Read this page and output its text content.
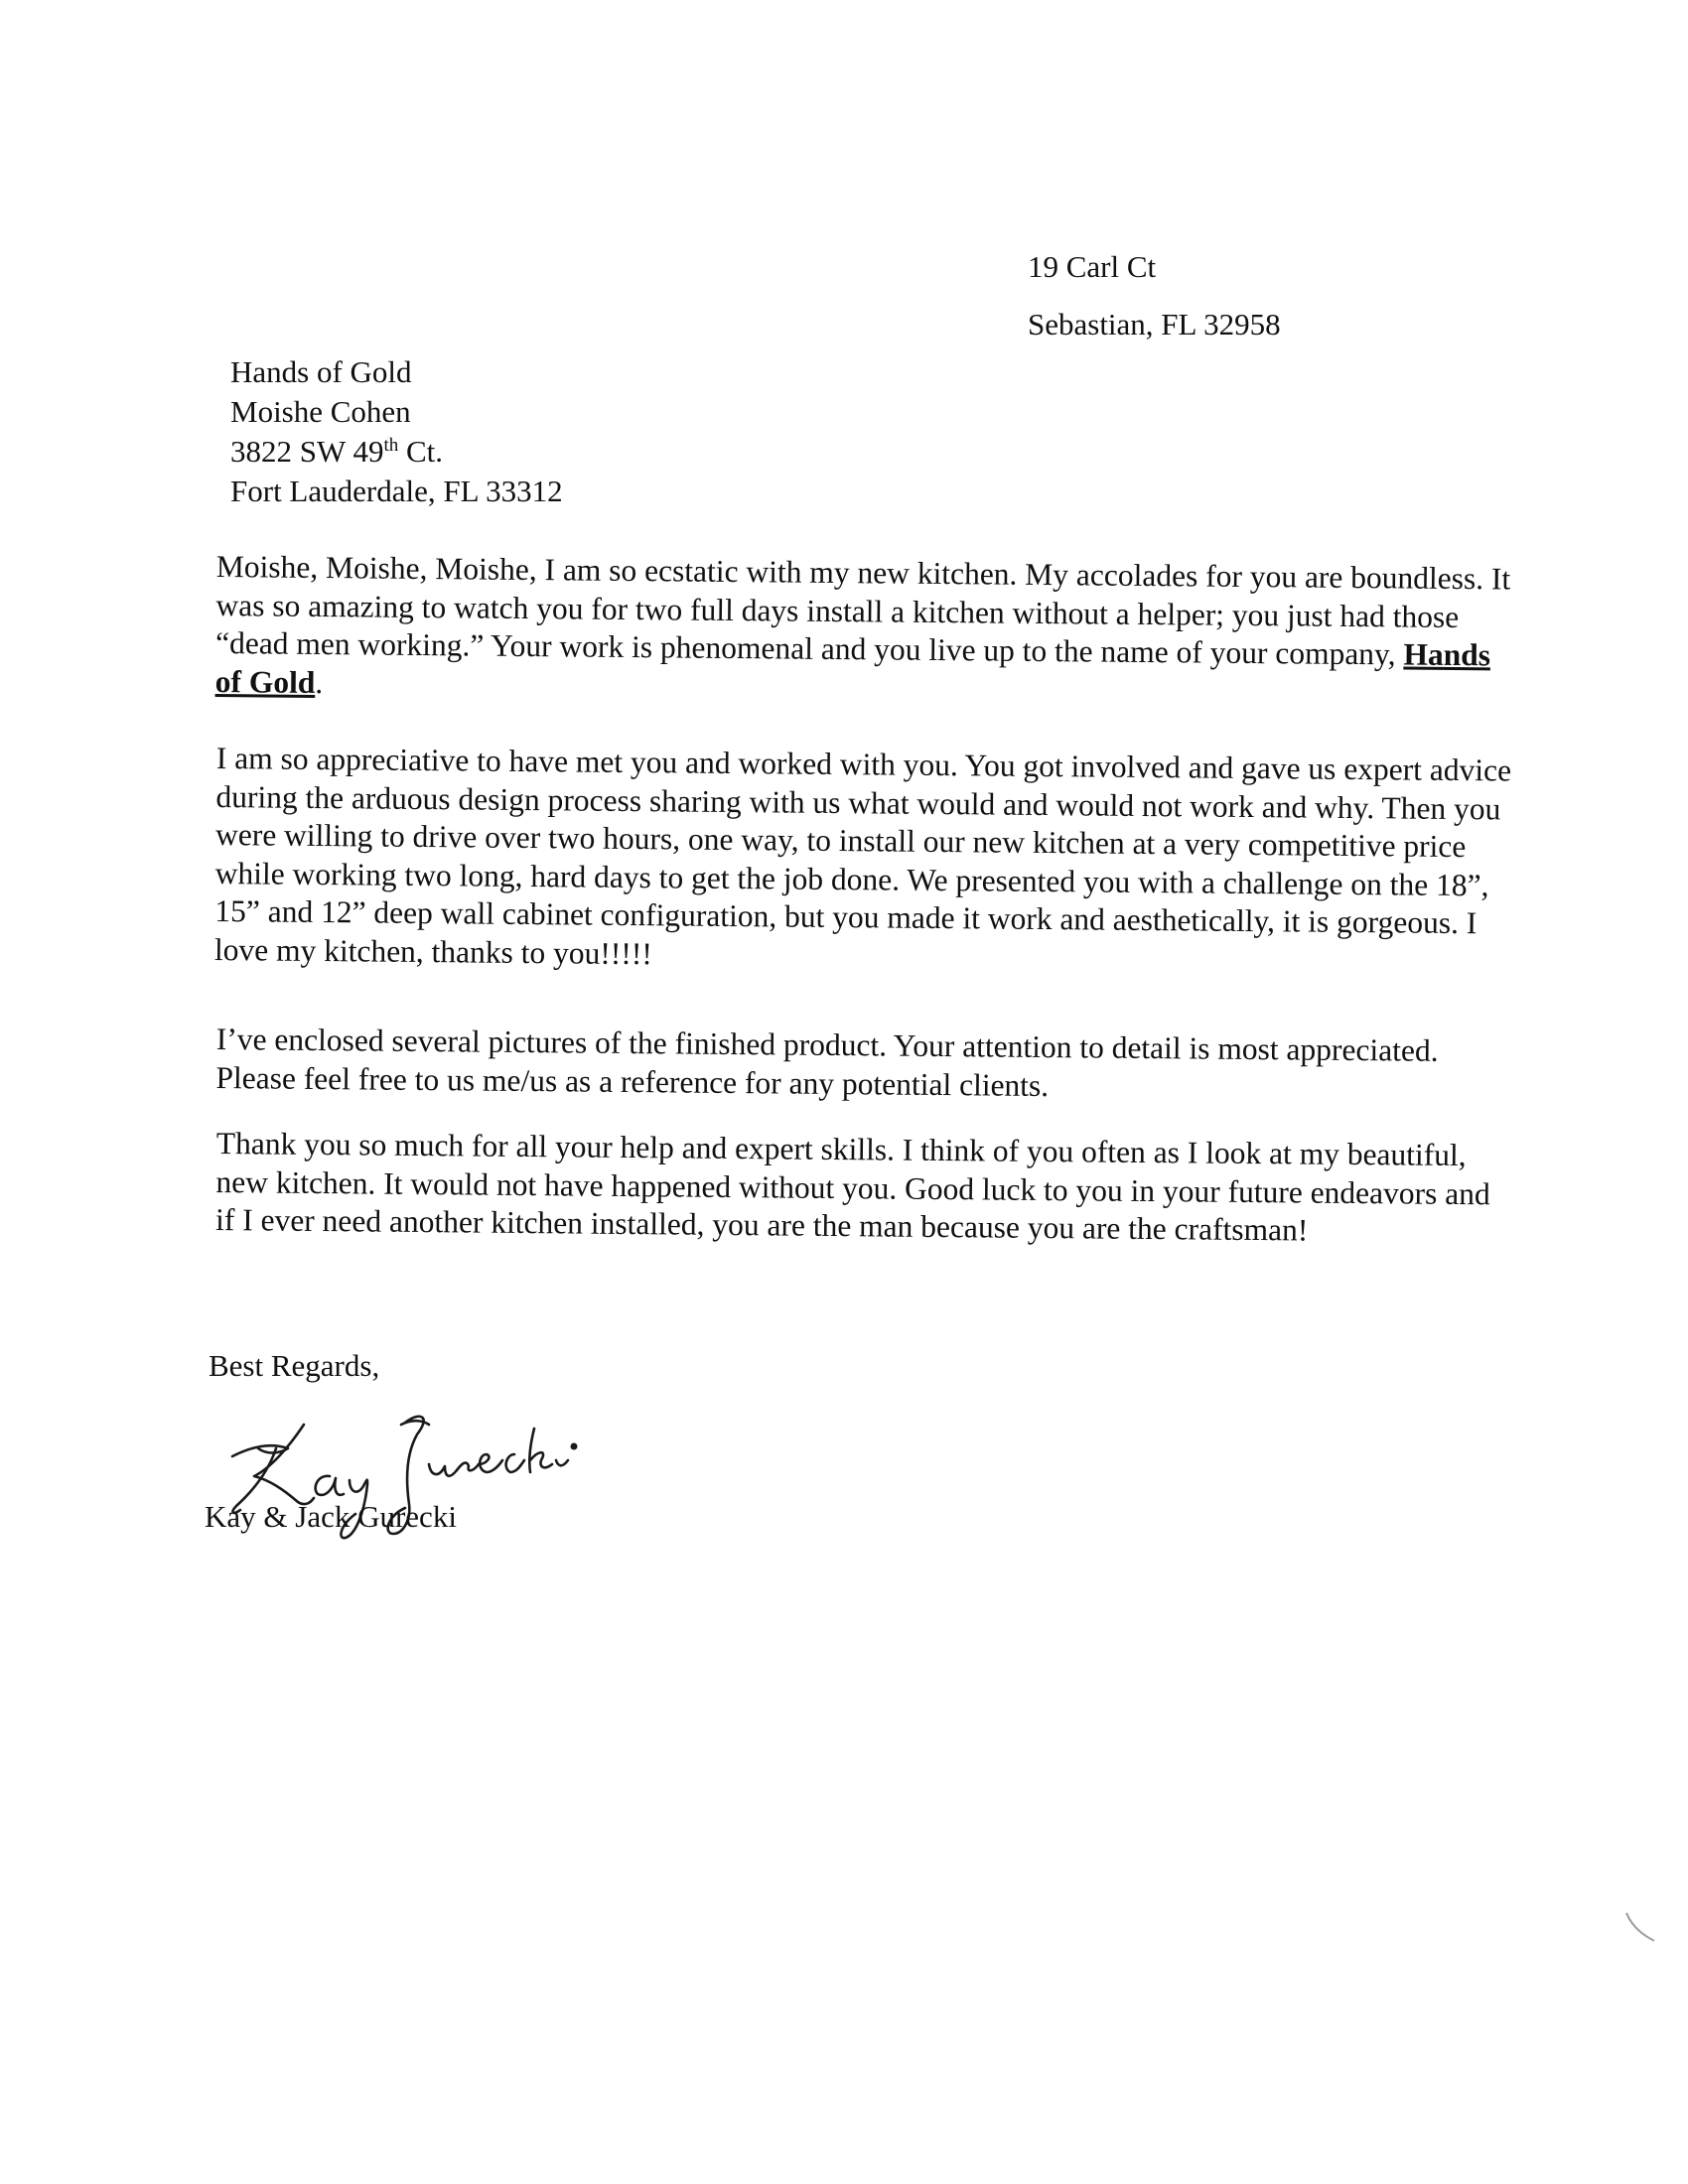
19 Carl Ct
Sebastian, FL 32958
Hands of Gold
Moishe Cohen
3822 SW 49th Ct.
Fort Lauderdale, FL 33312
Moishe, Moishe, Moishe, I am so ecstatic with my new kitchen. My accolades for you are boundless. It was so amazing to watch you for two full days install a kitchen without a helper; you just had those “dead men working.” Your work is phenomenal and you live up to the name of your company, Hands of Gold.
I am so appreciative to have met you and worked with you. You got involved and gave us expert advice during the arduous design process sharing with us what would and would not work and why. Then you were willing to drive over two hours, one way, to install our new kitchen at a very competitive price while working two long, hard days to get the job done. We presented you with a challenge on the 18”, 15” and 12” deep wall cabinet configuration, but you made it work and aesthetically, it is gorgeous. I love my kitchen, thanks to you!!!!!
I’ve enclosed several pictures of the finished product. Your attention to detail is most appreciated. Please feel free to us me/us as a reference for any potential clients.
Thank you so much for all your help and expert skills. I think of you often as I look at my beautiful, new kitchen. It would not have happened without you. Good luck to you in your future endeavors and if I ever need another kitchen installed, you are the man because you are the craftsman!
Best Regards,
Kay & Jack Gurecki
